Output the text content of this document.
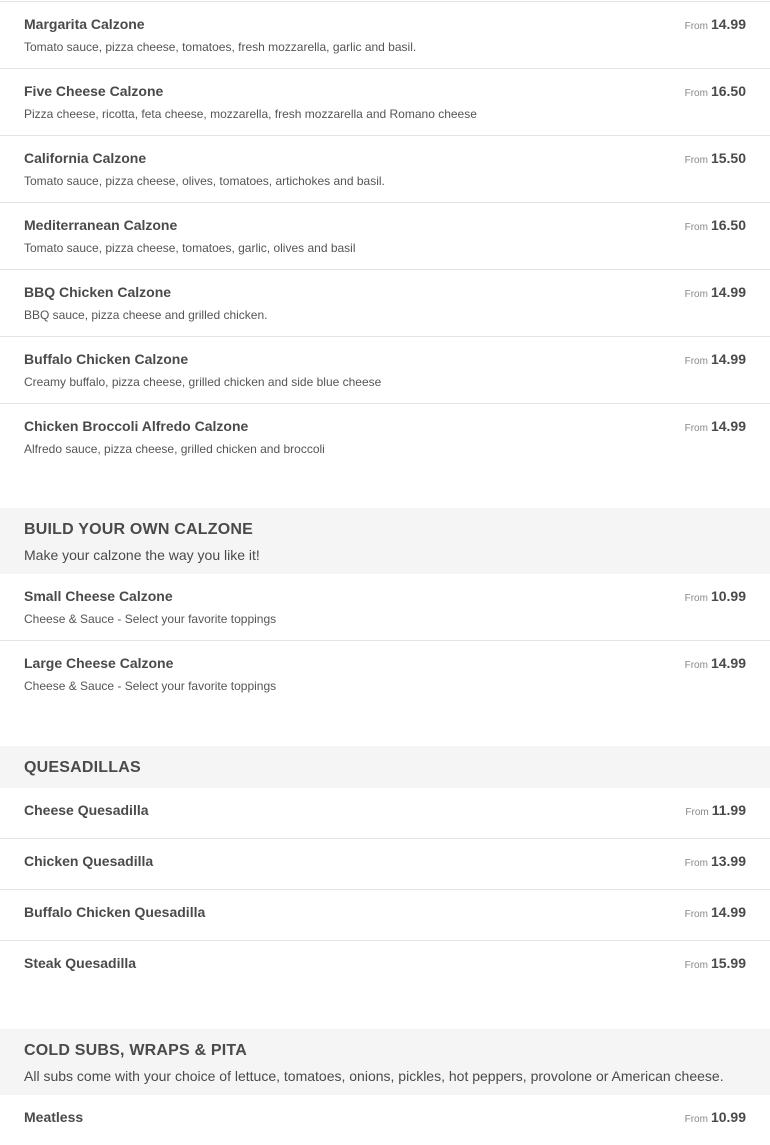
Margarita Calzone
Tomato sauce, pizza cheese, tomatoes, fresh mozzarella, garlic and basil.
From 14.99
Five Cheese Calzone
Pizza cheese, ricotta, feta cheese, mozzarella, fresh mozzarella and Romano cheese
From 16.50
California Calzone
Tomato sauce, pizza cheese, olives, tomatoes, artichokes and basil.
From 15.50
Mediterranean Calzone
Tomato sauce, pizza cheese, tomatoes, garlic, olives and basil
From 16.50
BBQ Chicken Calzone
BBQ sauce, pizza cheese and grilled chicken.
From 14.99
Buffalo Chicken Calzone
Creamy buffalo, pizza cheese, grilled chicken and side blue cheese
From 14.99
Chicken Broccoli Alfredo Calzone
Alfredo sauce, pizza cheese, grilled chicken and broccoli
From 14.99
BUILD YOUR OWN CALZONE
Make your calzone the way you like it!
Small Cheese Calzone
Cheese & Sauce - Select your favorite toppings
From 10.99
Large Cheese Calzone
Cheese & Sauce - Select your favorite toppings
From 14.99
QUESADILLAS
Cheese Quesadilla	From 11.99
Chicken Quesadilla	From 13.99
Buffalo Chicken Quesadilla	From 14.99
Steak Quesadilla	From 15.99
COLD SUBS, WRAPS & PITA
All subs come with your choice of lettuce, tomatoes, onions, pickles, hot peppers, provolone or American cheese.
Meatless	From 10.99
